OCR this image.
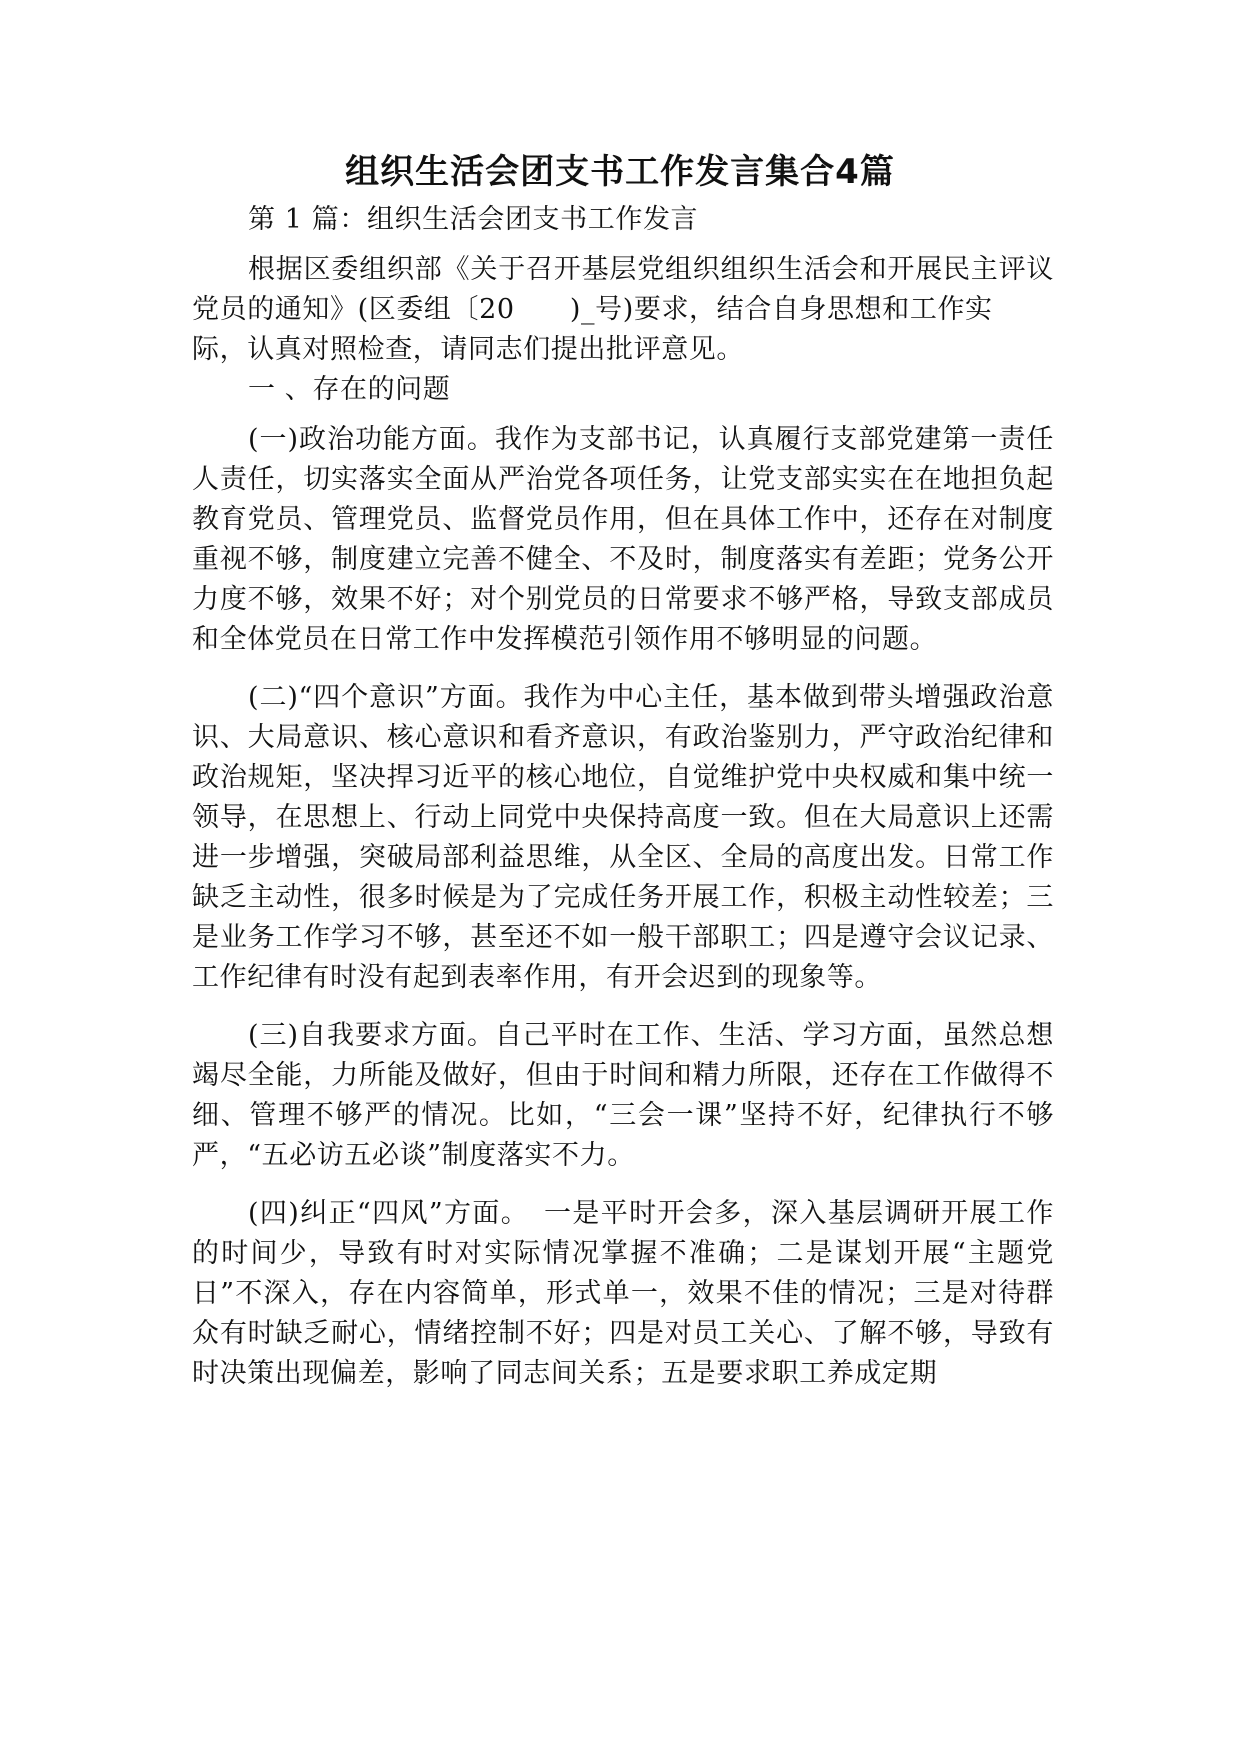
组织生活会团支书工作发言集合4篇

第 1 篇：组织生活会团支书工作发言

根据区委组织部《关于召开基层党组织组织生活会和开展民主评议党员的通知》(区委组〔20　　)_号)要求，结合自身思想和工作实

际，认真对照检查，请同志们提出批评意见。

一 、存在的问题

(一)政治功能方面。我作为支部书记，认真履行支部党建第一责任人责任，切实落实全面从严治党各项任务，让党支部实实在在地担负起教育党员、管理党员、监督党员作用，但在具体工作中，还存在对制度重视不够，制度建立完善不健全、不及时，制度落实有差距；党务公开力度不够，效果不好；对个别党员的日常要求不够严格，导致支部成员和全体党员在日常工作中发挥模范引领作用不够明显的问题。

(二)“四个意识”方面。我作为中心主任，基本做到带头增强政治意识、大局意识、核心意识和看齐意识，有政治鉴别力，严守政治纪律和政治规矩，坚决捍习近平的核心地位，自觉维护党中央权威和集中统一领导，在思想上、行动上同党中央保持高度一致。但在大局意识上还需进一步增强，突破局部利益思维，从全区、全局的高度出发。日常工作缺乏主动性，很多时候是为了完成任务开展工作，积极主动性较差；三是业务工作学习不够，甚至还不如一般干部职工；四是遵守会议记录、工作纪律有时没有起到表率作用，有开会迟到的现象等。

(三)自我要求方面。自己平时在工作、生活、学习方面，虽然总想竭尽全能，力所能及做好，但由于时间和精力所限，还存在工作做得不细、管理不够严的情况。比如，“三会一课”坚持不好，纪律执行不够严，“五必访五必谈”制度落实不力。

(四)纠正“四风”方面。　一是平时开会多，深入基层调研开展工作的时间少，导致有时对实际情况掌握不准确；二是谋划开展“主题党日”不深入，存在内容简单，形式单一，效果不佳的情况；三是对待群众有时缺乏耐心，情绪控制不好；四是对员工关心、了解不够，导致有时决策出现偏差，影响了同志间关系；五是要求职工养成定期
